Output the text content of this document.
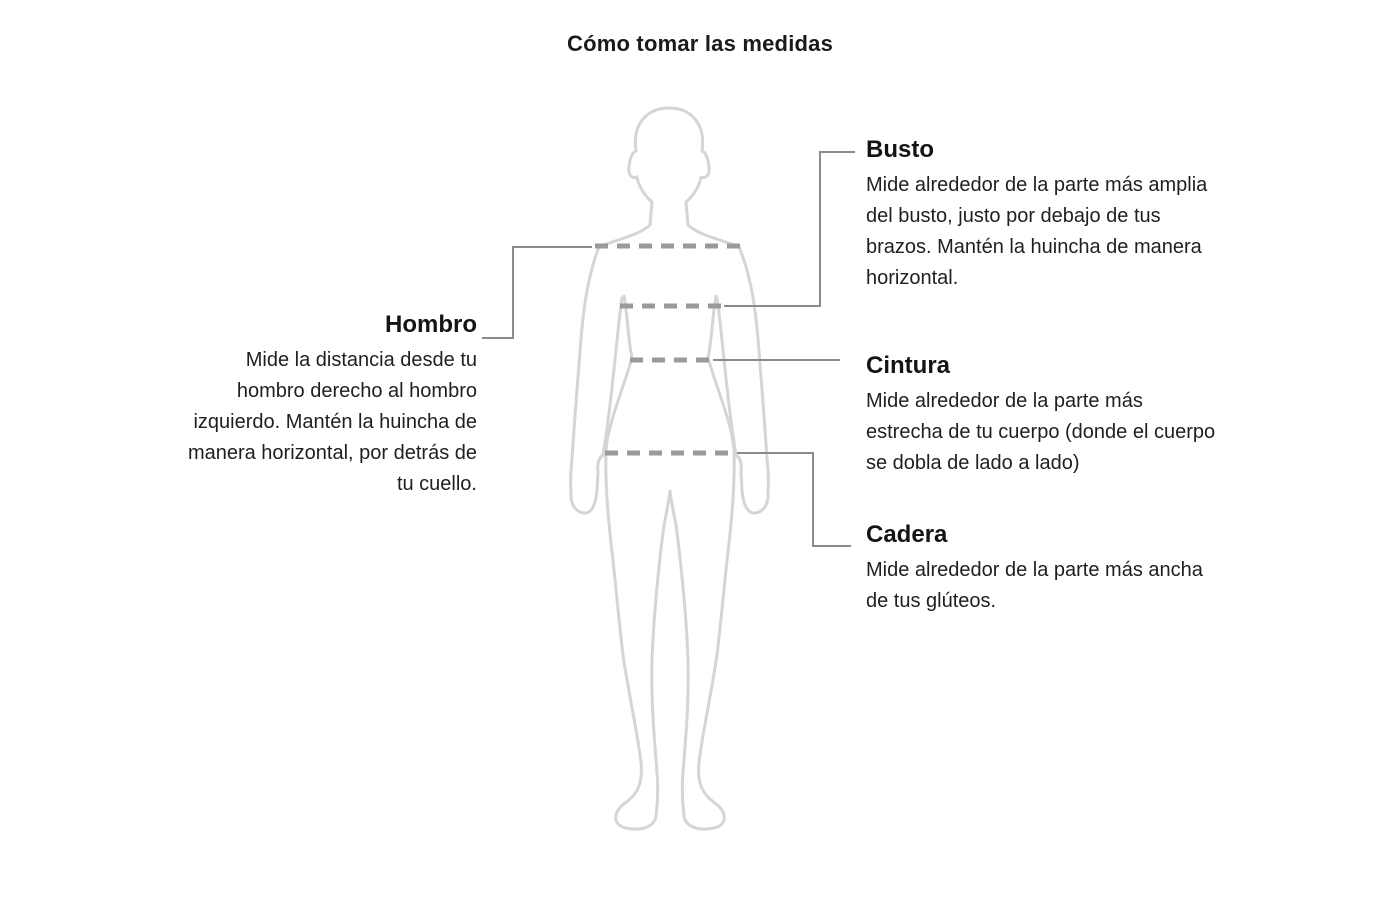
Cómo tomar las medidas
Hombro

Mide la distancia desde tu hombro derecho al hombro izquierdo. Mantén la huincha de manera horizontal, por detrás de tu cuello.

Busto

Mide alrededor de la parte más amplia del busto, justo por debajo de tus brazos. Mantén la huincha de manera horizontal.

Cintura

Mide alrededor de la parte más estrecha de tu cuerpo (donde el cuerpo se dobla de lado a lado)

Cadera

Mide alrededor de la parte más ancha de tus glúteos.
